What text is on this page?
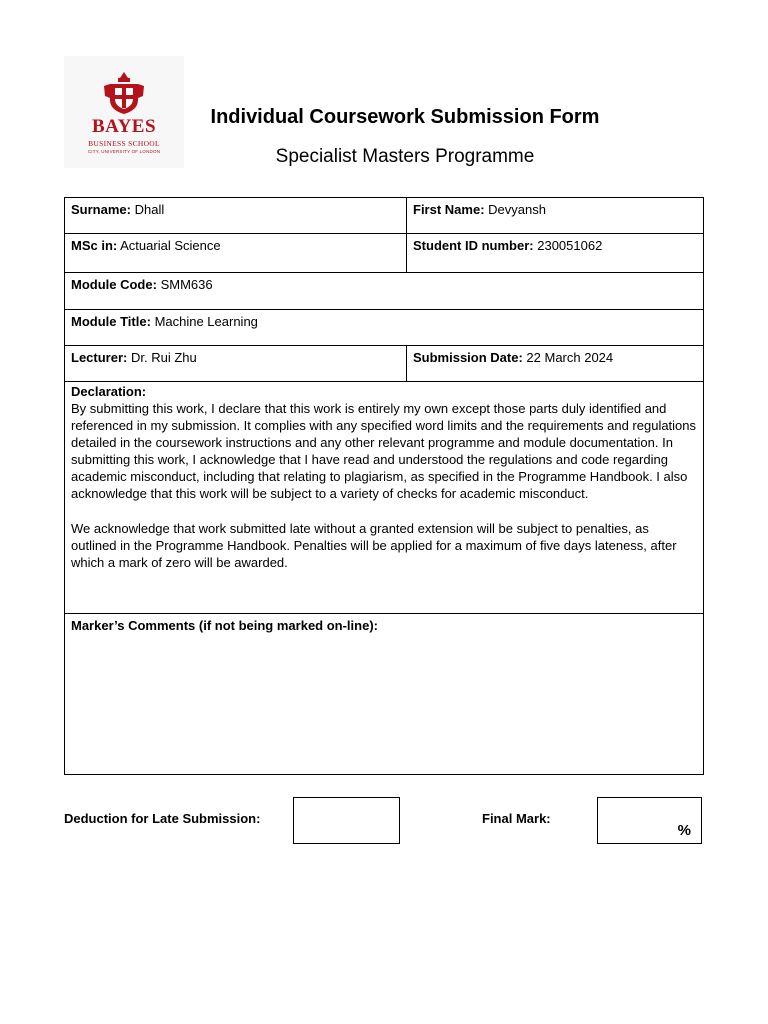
BAYES
BUSINESS SCHOOL
CITY, UNIVERSITY OF LONDON
Individual Coursework Submission Form
Specialist Masters Programme
Surname: Dhall	First Name: Devyansh
MSc in: Actuarial Science	Student ID number: 230051062
Module Code: SMM636
Module Title: Machine Learning
Lecturer: Dr. Rui Zhu	Submission Date: 22 March 2024
Declaration:

By submitting this work, I declare that this work is entirely my own except those parts duly identified and referenced in my submission. It complies with any specified word limits and the requirements and regulations detailed in the coursework instructions and any other relevant programme and module documentation. In submitting this work, I acknowledge that I have read and understood the regulations and code regarding academic misconduct, including that relating to plagiarism, as specified in the Programme Handbook. I also acknowledge that this work will be subject to a variety of checks for academic misconduct.

We acknowledge that work submitted late without a granted extension will be subject to penalties, as outlined in the Programme Handbook. Penalties will be applied for a maximum of five days lateness, after which a mark of zero will be awarded.

Marker’s Comments (if not being marked on-line):
Deduction for Late Submission:	Final Mark:
%
